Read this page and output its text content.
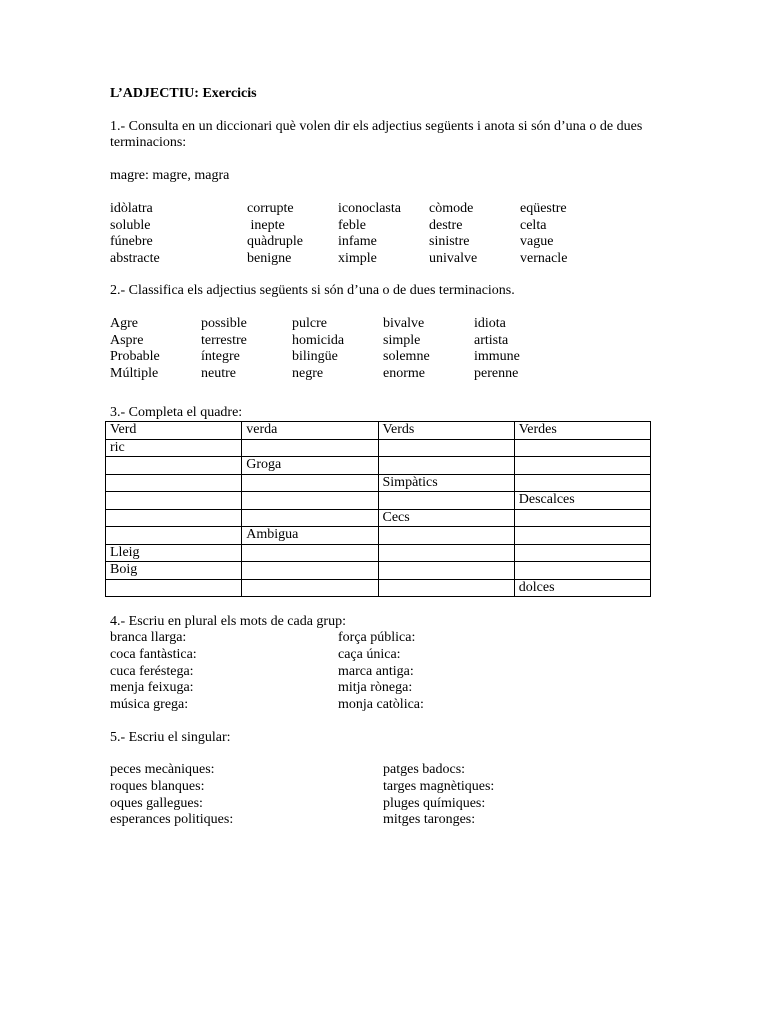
L’ADJECTIU: Exercicis

1.- Consulta en un diccionari què volen dir els adjectius següents i anota si són d’una o de dues terminacions:

magre: magre, magra

idòlatra	corrupte	iconoclasta	còmode	eqüestre
soluble	inepte	feble	destre	celta
fúnebre	quàdruple	infame	sinistre	vague
abstracte	benigne	ximple	univalve	vernacle

2.- Classifica els adjectius següents si són d’una o de dues terminacions.

Agre	possible	pulcre	bivalve	idiota
Aspre	terrestre	homicida	simple	artista
Probable	íntegre	bilingüe	solemne	immune
Múltiple	neutre	negre	enorme	perenne

3.- Completa el quadre:

Verd	verda	Verds	Verdes
ric			
	Groga		
		Simpàtics	
			Descalces
		Cecs	
	Ambigua		
Lleig			
Boig			
			dolces

4.- Escriu en plural els mots de cada grup:

branca llarga:	força pública:
coca fantàstica:	caça única:
cuca feréstega:	marca antiga:
menja feixuga:	mitja rònega:
música grega:	monja catòlica:

5.- Escriu el singular:

peces mecàniques:	patges badocs:
roques blanques:	targes magnètiques:
oques gallegues:	pluges químiques:
esperances politiques:	mitges taronges:
